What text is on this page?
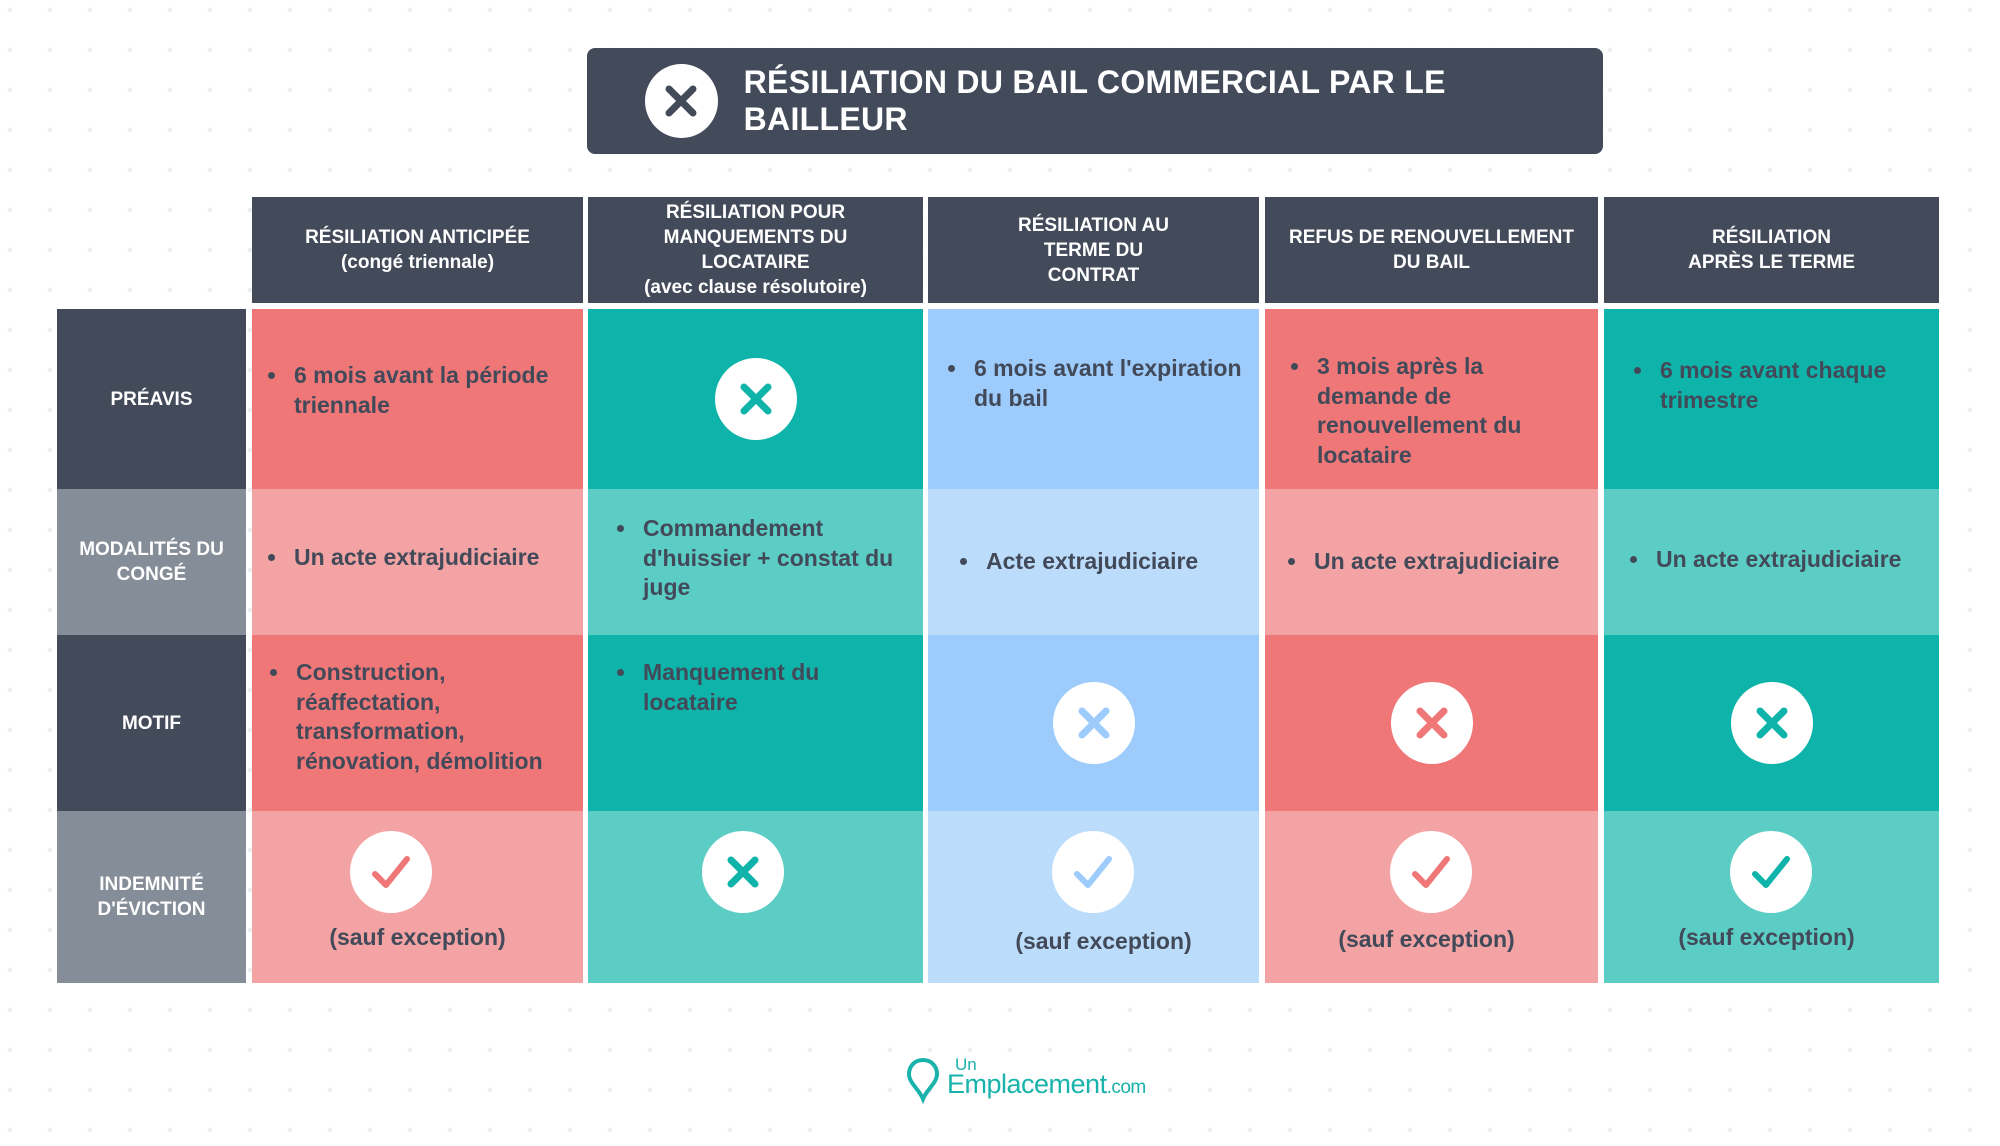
RÉSILIATION DU BAIL COMMERCIAL PAR LE BAILLEUR
RÉSILIATION ANTICIPÉE
(congé triennale)
RÉSILIATION POUR MANQUEMENTS DU LOCATAIRE
(avec clause résolutoire)
RÉSILIATION AU TERME DU CONTRAT
REFUS DE RENOUVELLEMENT DU BAIL
RÉSILIATION APRÈS LE TERME
PRÉAVIS
MODALITÉS DU CONGÉ
MOTIF
INDEMNITÉ D'ÉVICTION
6 mois avant la période triennale
Un acte extrajudiciaire
Construction, réaffectation, transformation, rénovation, démolition
(sauf exception)
Commandement d'huissier + constat du juge
Manquement du locataire
6 mois avant l'expiration du bail
Acte extrajudiciaire
(sauf exception)
3 mois après la demande de renouvellement du locataire
Un acte extrajudiciaire
(sauf exception)
6 mois avant chaque trimestre
Un acte extrajudiciaire
(sauf exception)
Un
Emplacement.com
